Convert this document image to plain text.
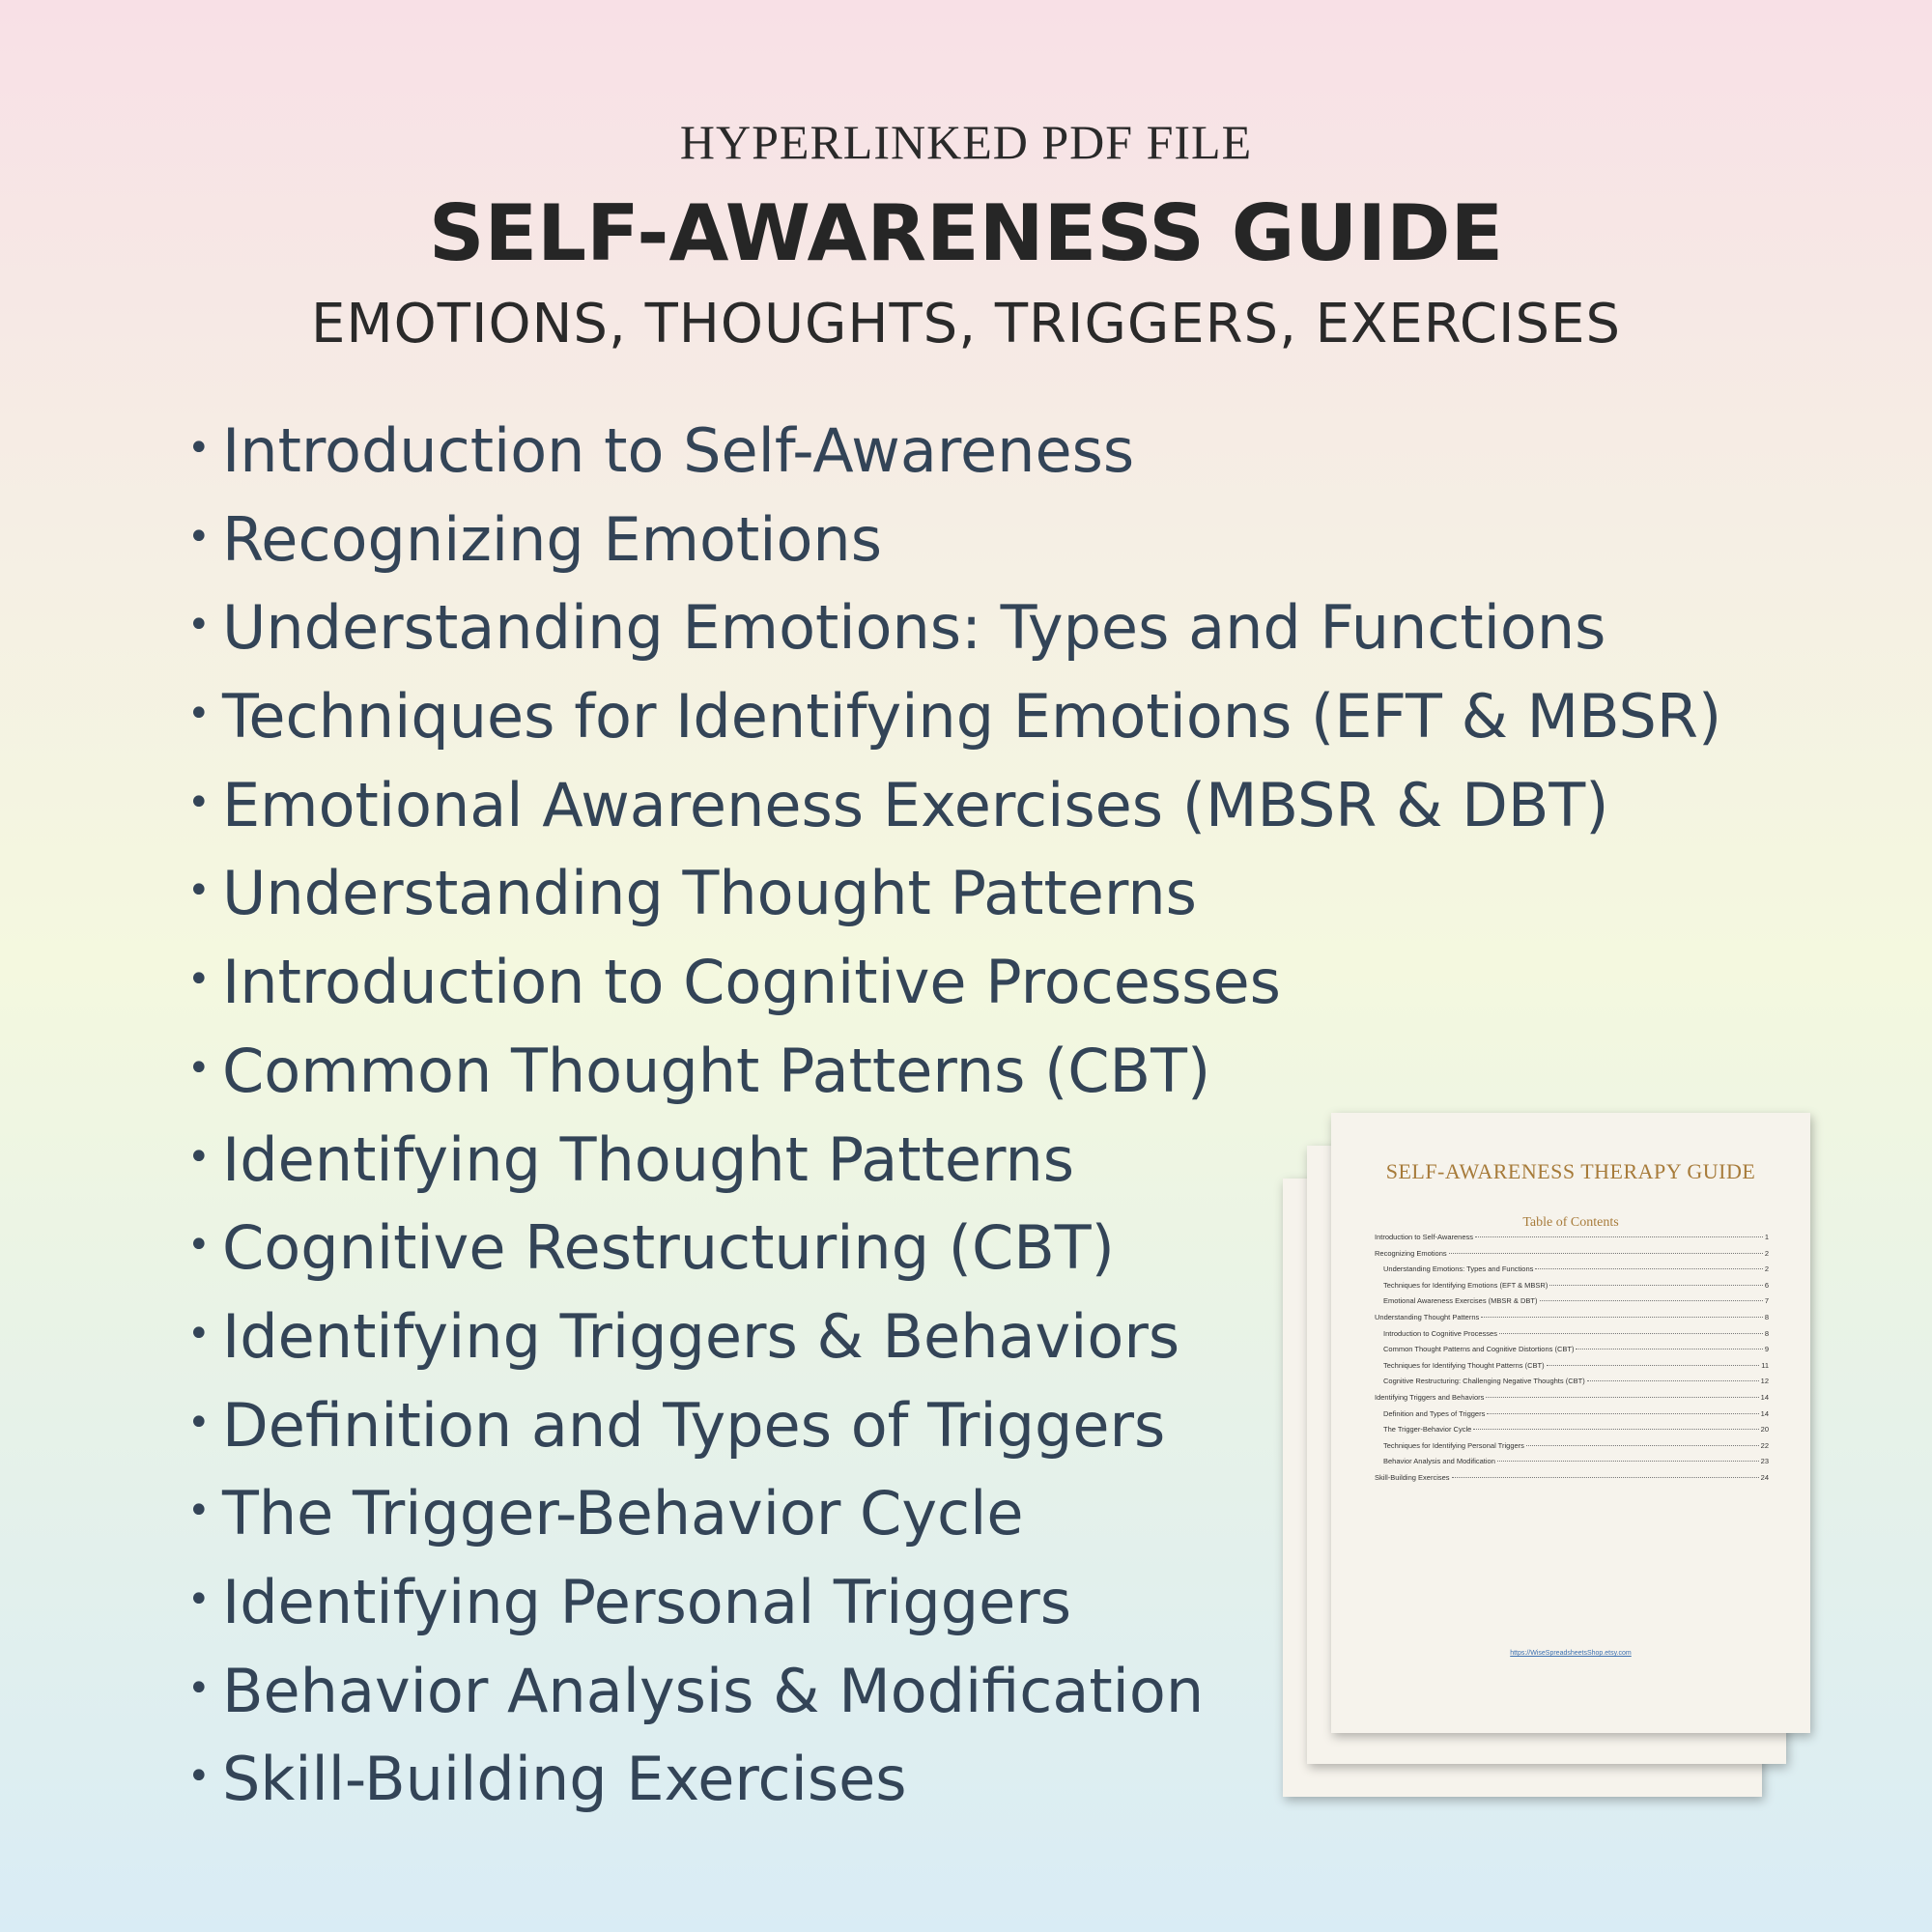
HYPERLINKED PDF FILE
SELF-AWARENESS GUIDE
EMOTIONS, THOUGHTS, TRIGGERS, EXERCISES
• Introduction to Self-Awareness
• Recognizing Emotions
• Understanding Emotions: Types and Functions
• Techniques for Identifying Emotions (EFT & MBSR)
• Emotional Awareness Exercises (MBSR & DBT)
• Understanding Thought Patterns
• Introduction to Cognitive Processes
• Common Thought Patterns (CBT)
• Identifying Thought Patterns
• Cognitive Restructuring (CBT)
• Identifying Triggers & Behaviors
• Definition and Types of Triggers
• The Trigger-Behavior Cycle
• Identifying Personal Triggers
• Behavior Analysis & Modification
• Skill-Building Exercises
SELF-AWARENESS THERAPY GUIDE
Table of Contents
Introduction to Self-Awareness	1
Recognizing Emotions	2
Understanding Emotions: Types and Functions	2
Techniques for Identifying Emotions (EFT & MBSR)	6
Emotional Awareness Exercises (MBSR & DBT)	7
Understanding Thought Patterns	8
Introduction to Cognitive Processes	8
Common Thought Patterns and Cognitive Distortions (CBT)	9
Techniques for Identifying Thought Patterns (CBT)	11
Cognitive Restructuring: Challenging Negative Thoughts (CBT)	12
Identifying Triggers and Behaviors	14
Definition and Types of Triggers	14
The Trigger-Behavior Cycle	20
Techniques for Identifying Personal Triggers	22
Behavior Analysis and Modification	23
Skill-Building Exercises	24
https://WiseSpreadsheetsShop.etsy.com
